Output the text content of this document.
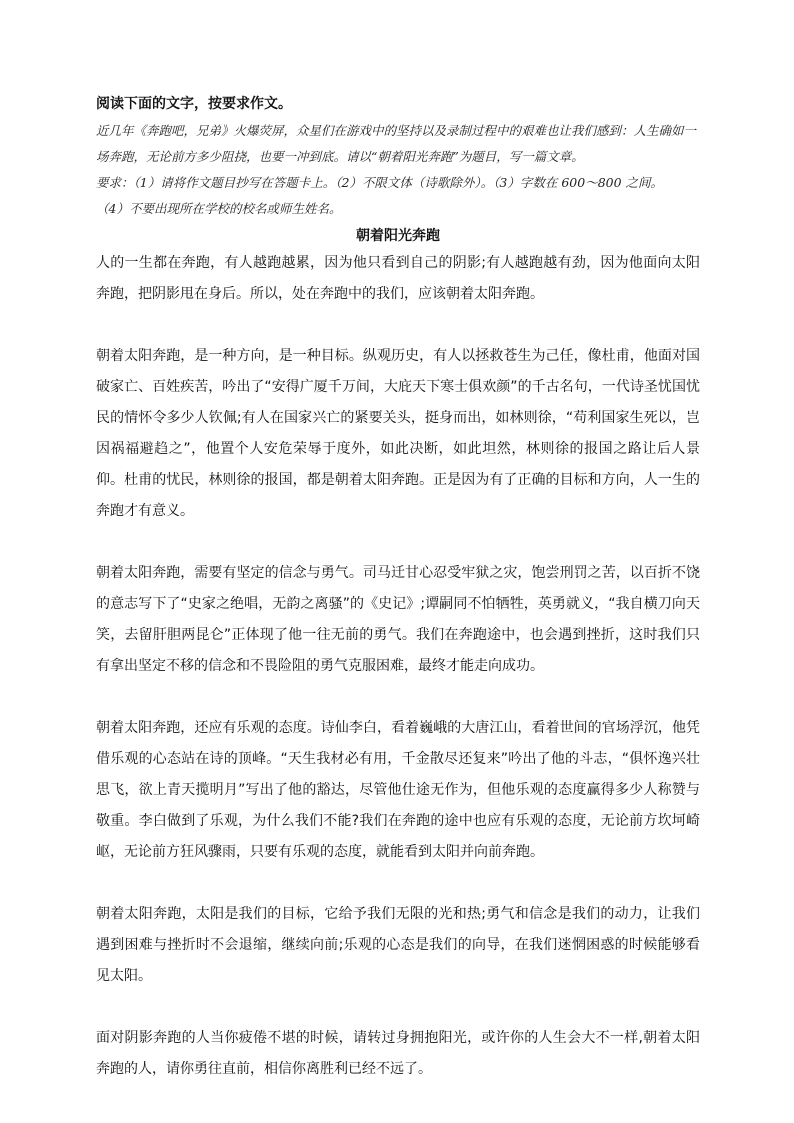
阅读下面的文字，按要求作文。

近几年《奔跑吧，兄弟》火爆荧屏，众星们在游戏中的坚持以及录制过程中的艰难也让我们感到：人生确如一场奔跑，无论前方多少阻挠，也要一冲到底。请以“朝着阳光奔跑”为题目，写一篇文章。

要求：（1）请将作文题目抄写在答题卡上。（2）不限文体（诗歌除外）。（3）字数在 600～800 之间。

（4）不要出现所在学校的校名或师生姓名。

朝着阳光奔跑

人的一生都在奔跑，有人越跑越累，因为他只看到自己的阴影;有人越跑越有劲，因为他面向太阳奔跑，把阴影甩在身后。所以，处在奔跑中的我们，应该朝着太阳奔跑。

朝着太阳奔跑，是一种方向，是一种目标。纵观历史，有人以拯救苍生为己任，像杜甫，他面对国破家亡、百姓疾苦，吟出了“安得广厦千万间，大庇天下寒士俱欢颜”的千古名句，一代诗圣忧国忧民的情怀令多少人钦佩;有人在国家兴亡的紧要关头，挺身而出，如林则徐，“苟利国家生死以，岂因祸福避趋之”，他置个人安危荣辱于度外，如此决断，如此坦然，林则徐的报国之路让后人景仰。杜甫的忧民，林则徐的报国，都是朝着太阳奔跑。正是因为有了正确的目标和方向，人一生的奔跑才有意义。

朝着太阳奔跑，需要有坚定的信念与勇气。司马迁甘心忍受牢狱之灾，饱尝刑罚之苦，以百折不饶的意志写下了“史家之绝唱，无韵之离骚”的《史记》;谭嗣同不怕牺牲，英勇就义，“我自横刀向天笑，去留肝胆两昆仑”正体现了他一往无前的勇气。我们在奔跑途中，也会遇到挫折，这时我们只有拿出坚定不移的信念和不畏险阻的勇气克服困难，最终才能走向成功。

朝着太阳奔跑，还应有乐观的态度。诗仙李白，看着巍峨的大唐江山，看着世间的官场浮沉，他凭借乐观的心态站在诗的顶峰。“天生我材必有用，千金散尽还复来”吟出了他的斗志，“俱怀逸兴壮思飞，欲上青天揽明月”写出了他的豁达，尽管他仕途无作为，但他乐观的态度赢得多少人称赞与敬重。李白做到了乐观，为什么我们不能?我们在奔跑的途中也应有乐观的态度，无论前方坎坷崎岖，无论前方狂风骤雨，只要有乐观的态度，就能看到太阳并向前奔跑。

朝着太阳奔跑，太阳是我们的目标，它给予我们无限的光和热;勇气和信念是我们的动力，让我们遇到困难与挫折时不会退缩，继续向前;乐观的心态是我们的向导，在我们迷惘困惑的时候能够看见太阳。

面对阴影奔跑的人当你疲倦不堪的时候，请转过身拥抱阳光，或许你的人生会大不一样,朝着太阳奔跑的人，请你勇往直前，相信你离胜利已经不远了。
